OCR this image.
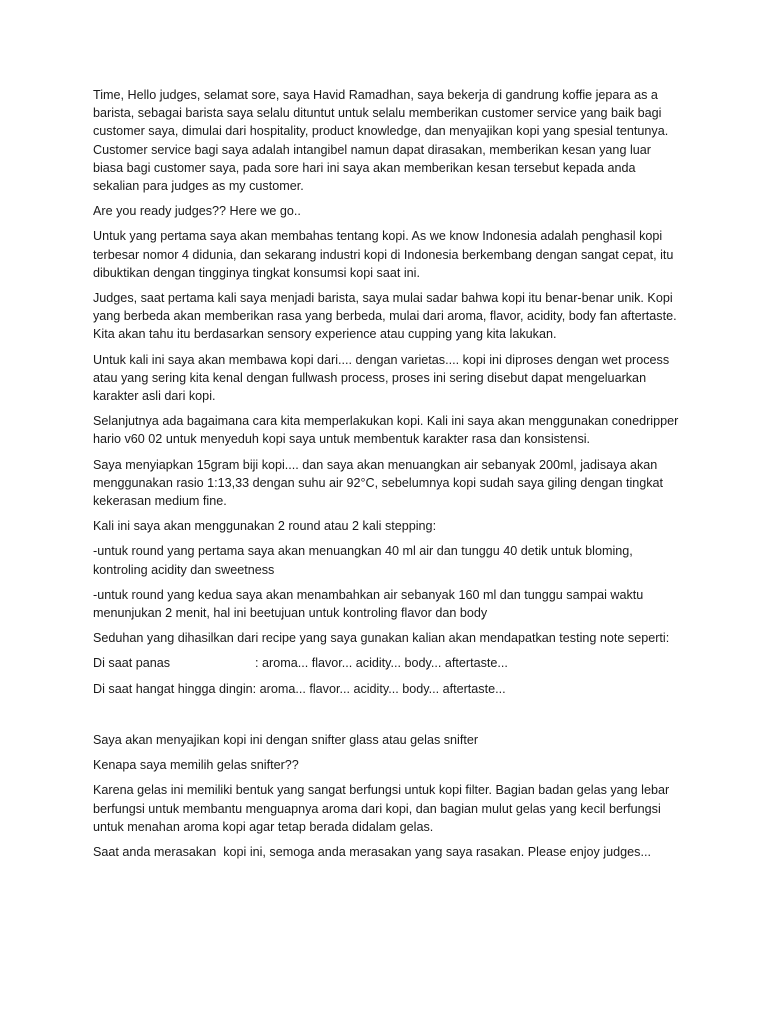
Time, Hello judges, selamat sore, saya Havid Ramadhan, saya bekerja di gandrung koffie jepara as a barista, sebagai barista saya selalu dituntut untuk selalu memberikan customer service yang baik bagi customer saya, dimulai dari hospitality, product knowledge, dan menyajikan kopi yang spesial tentunya. Customer service bagi saya adalah intangibel namun dapat dirasakan, memberikan kesan yang luar biasa bagi customer saya, pada sore hari ini saya akan memberikan kesan tersebut kepada anda sekalian para judges as my customer.

Are you ready judges?? Here we go..

Untuk yang pertama saya akan membahas tentang kopi. As we know Indonesia adalah penghasil kopi terbesar nomor 4 didunia, dan sekarang industri kopi di Indonesia berkembang dengan sangat cepat, itu dibuktikan dengan tingginya tingkat konsumsi kopi saat ini.

Judges, saat pertama kali saya menjadi barista, saya mulai sadar bahwa kopi itu benar-benar unik. Kopi yang berbeda akan memberikan rasa yang berbeda, mulai dari aroma, flavor, acidity, body fan aftertaste. Kita akan tahu itu berdasarkan sensory experience atau cupping yang kita lakukan.

Untuk kali ini saya akan membawa kopi dari.... dengan varietas.... kopi ini diproses dengan wet process atau yang sering kita kenal dengan fullwash process, proses ini sering disebut dapat mengeluarkan karakter asli dari kopi.

Selanjutnya ada bagaimana cara kita memperlakukan kopi. Kali ini saya akan menggunakan conedripper hario v60 02 untuk menyeduh kopi saya untuk membentuk karakter rasa dan konsistensi.

Saya menyiapkan 15gram biji kopi.... dan saya akan menuangkan air sebanyak 200ml, jadisaya akan menggunakan rasio 1:13,33 dengan suhu air 92°C, sebelumnya kopi sudah saya giling dengan tingkat kekerasan medium fine.

Kali ini saya akan menggunakan 2 round atau 2 kali stepping:

-untuk round yang pertama saya akan menuangkan 40 ml air dan tunggu 40 detik untuk bloming, kontroling acidity dan sweetness

-untuk round yang kedua saya akan menambahkan air sebanyak 160 ml dan tunggu sampai waktu menunjukan 2 menit, hal ini beetujuan untuk kontroling flavor dan body

Seduhan yang dihasilkan dari recipe yang saya gunakan kalian akan mendapatkan testing note seperti:

Di saat panas	: aroma... flavor... acidity... body... aftertaste...
Di saat hangat hingga dingin: aroma... flavor... acidity... body... aftertaste...

Saya akan menyajikan kopi ini dengan snifter glass atau gelas snifter

Kenapa saya memilih gelas snifter??

Karena gelas ini memiliki bentuk yang sangat berfungsi untuk kopi filter. Bagian badan gelas yang lebar berfungsi untuk membantu menguapnya aroma dari kopi, dan bagian mulut gelas yang kecil berfungsi untuk menahan aroma kopi agar tetap berada didalam gelas.

Saat anda merasakan  kopi ini, semoga anda merasakan yang saya rasakan. Please enjoy judges...
